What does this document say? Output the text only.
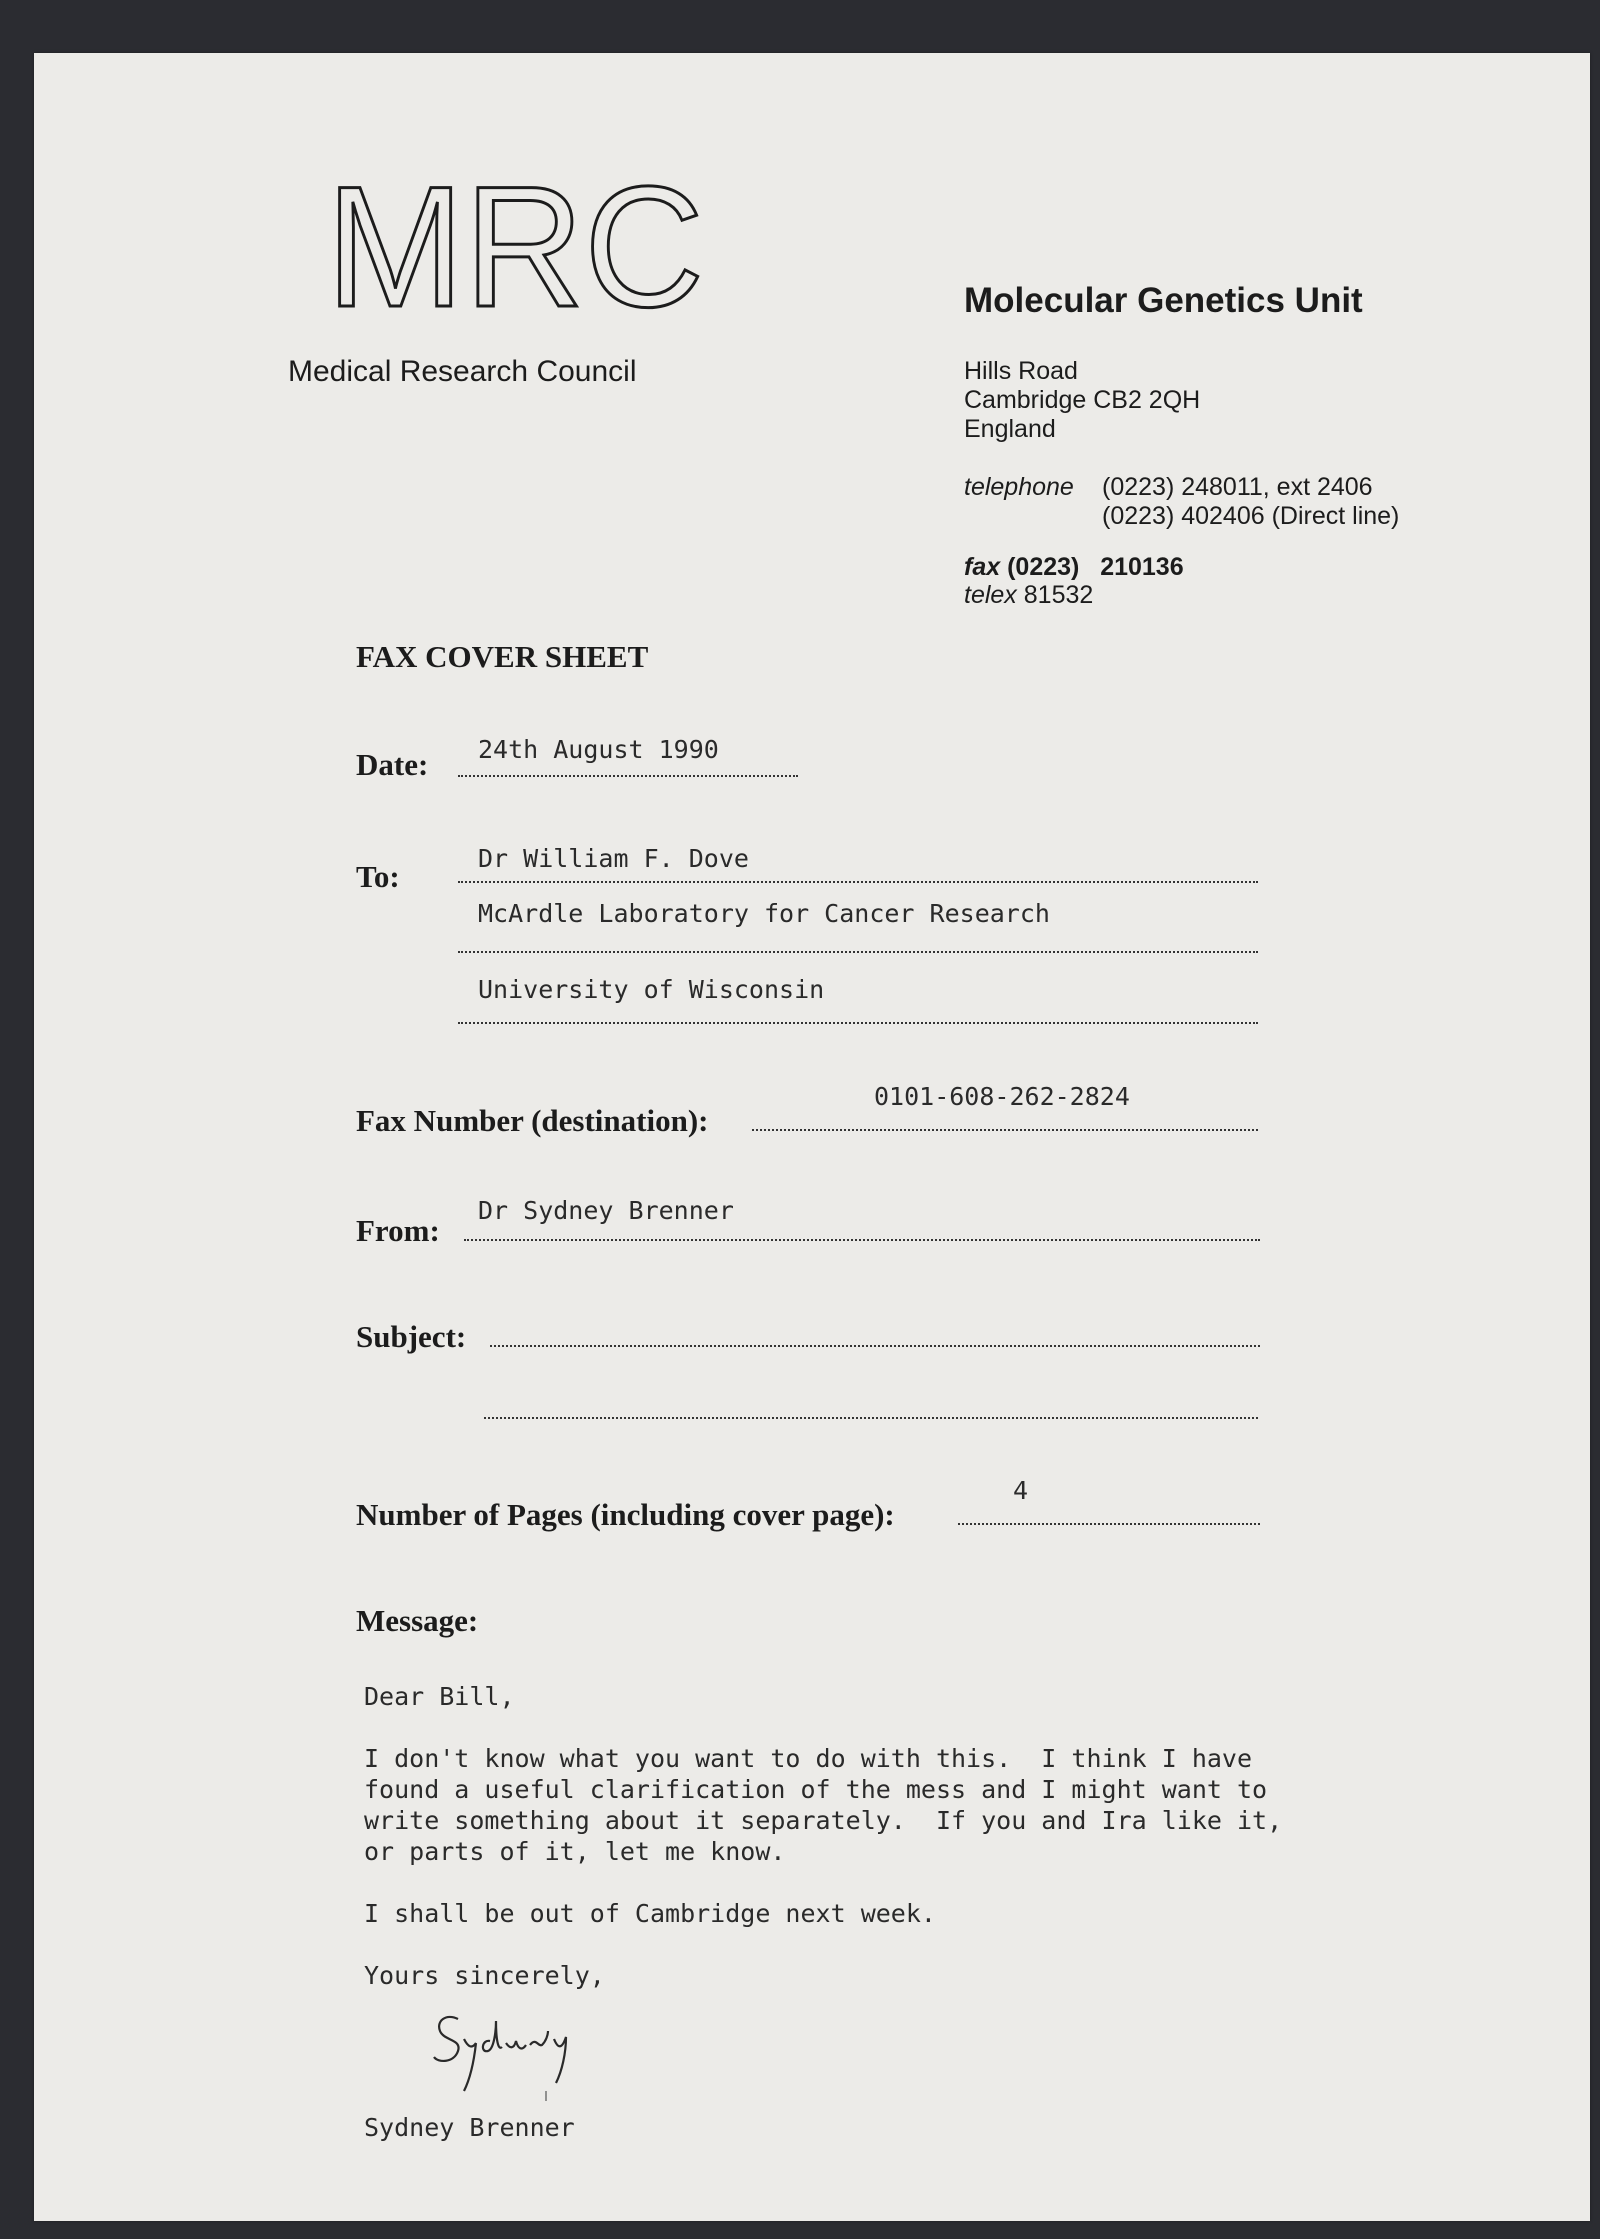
MRC
Medical Research Council
Molecular Genetics Unit
Hills Road
Cambridge CB2 2QH
England
telephone (0223) 248011, ext 2406
(0223) 402406 (Direct line)
fax (0223)   210136
telex 81532
FAX COVER SHEET
Date: 24th August 1990
To:
Dr William F. Dove
McArdle Laboratory for Cancer Research
University of Wisconsin
Fax Number (destination):
0101-608-262-2824
From:
Dr Sydney Brenner
Subject:
Number of Pages (including cover page):
4
Message:
Dear Bill,

I don't know what you want to do with this.  I think I have
found a useful clarification of the mess and I might want to
write something about it separately.  If you and Ira like it,
or parts of it, let me know.

I shall be out of Cambridge next week.

Yours sincerely,
Sydney Brenner
